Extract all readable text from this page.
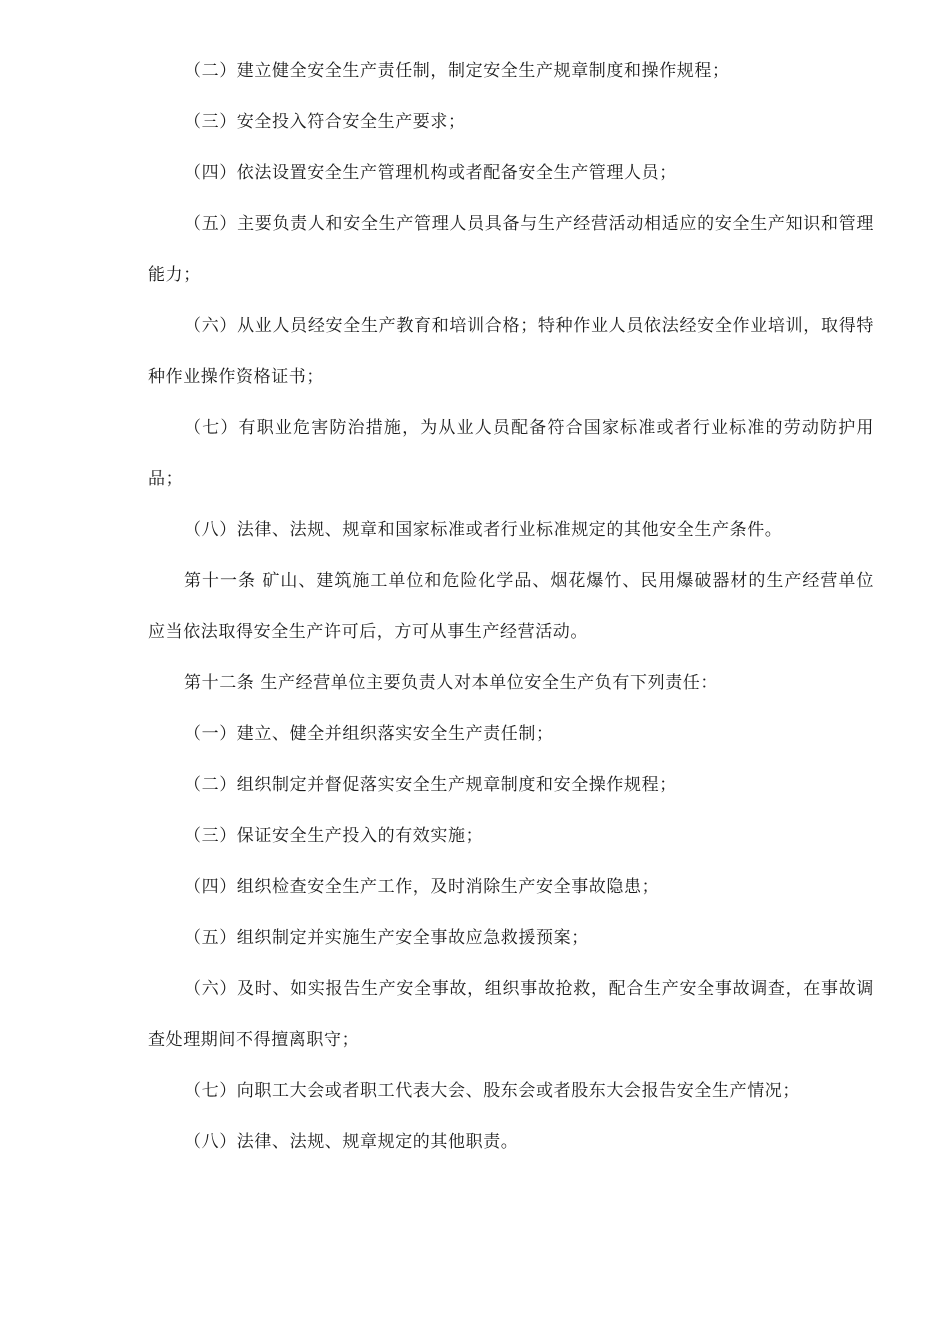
（二）建立健全安全生产责任制，制定安全生产规章制度和操作规程；

（三）安全投入符合安全生产要求；

（四）依法设置安全生产管理机构或者配备安全生产管理人员；

（五）主要负责人和安全生产管理人员具备与生产经营活动相适应的安全生产知识和管理能力；

（六）从业人员经安全生产教育和培训合格；特种作业人员依法经安全作业培训，取得特种作业操作资格证书；

（七）有职业危害防治措施，为从业人员配备符合国家标准或者行业标准的劳动防护用品；

（八）法律、法规、规章和国家标准或者行业标准规定的其他安全生产条件。

第十一条 矿山、建筑施工单位和危险化学品、烟花爆竹、民用爆破器材的生产经营单位应当依法取得安全生产许可后，方可从事生产经营活动。

第十二条 生产经营单位主要负责人对本单位安全生产负有下列责任：

（一）建立、健全并组织落实安全生产责任制；

（二）组织制定并督促落实安全生产规章制度和安全操作规程；

（三）保证安全生产投入的有效实施；

（四）组织检查安全生产工作，及时消除生产安全事故隐患；

（五）组织制定并实施生产安全事故应急救援预案；

（六）及时、如实报告生产安全事故，组织事故抢救，配合生产安全事故调查，在事故调查处理期间不得擅离职守；

（七）向职工大会或者职工代表大会、股东会或者股东大会报告安全生产情况；

（八）法律、法规、规章规定的其他职责。
